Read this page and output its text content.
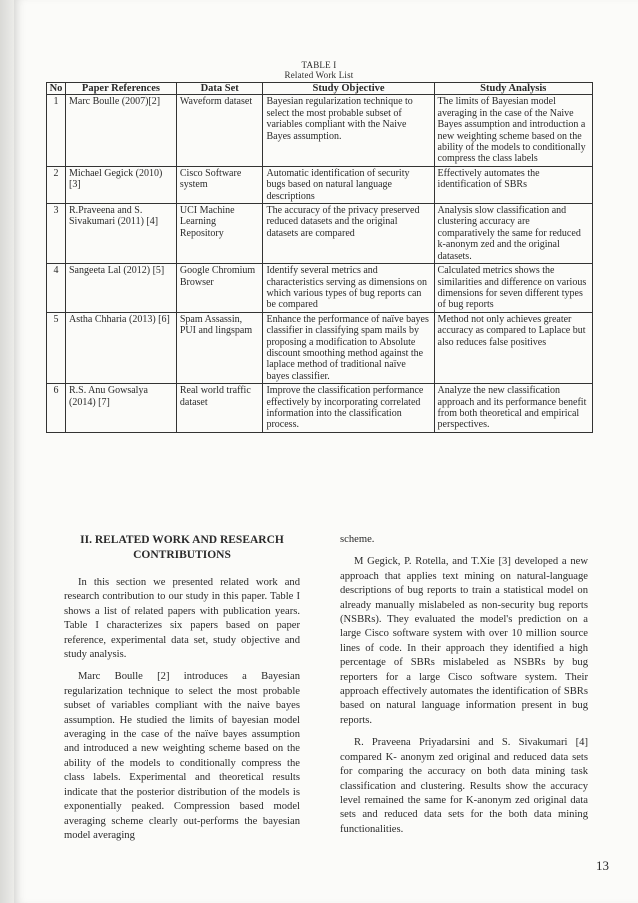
TABLE I
Related Work List
No	Paper References	Data Set	Study Objective	Study Analysis
1	Marc Boulle (2007)[2]	Waveform dataset	Bayesian regularization technique to select the most probable subset of variables compliant with the Naive Bayes assumption.	The limits of Bayesian model averaging in the case of the Naive Bayes assumption and introduction a new weighting scheme based on the ability of the models to conditionally compress the class labels
2	Michael Gegick (2010) [3]	Cisco Software system	Automatic identification of security bugs based on natural language descriptions	Effectively automates the identification of SBRs
3	R.Praveena and S. Sivakumari (2011) [4]	UCI Machine Learning Repository	The accuracy of the privacy preserved reduced datasets and the original datasets are compared	Analysis slow classification and clustering accuracy are comparatively the same for reduced k-anonym zed and the original datasets.
4	Sangeeta Lal (2012) [5]	Google Chromium Browser	Identify several metrics and characteristics serving as dimensions on which various types of bug reports can be compared	Calculated metrics shows the similarities and difference on various dimensions for seven different types of bug reports
5	Astha Chharia (2013) [6]	Spam Assassin, PUI and lingspam	Enhance the performance of naïve bayes classifier in classifying spam mails by proposing a modification to Absolute discount smoothing method against the laplace method of traditional naïve bayes classifier.	Method not only achieves greater accuracy as compared to Laplace but also reduces false positives
6	R.S. Anu Gowsalya (2014) [7]	Real world traffic dataset	Improve the classification performance effectively by incorporating correlated information into the classification process.	Analyze the new classification approach and its performance benefit from both theoretical and empirical perspectives.
II. RELATED WORK AND RESEARCH CONTRIBUTIONS

In this section we presented related work and research contribution to our study in this paper. Table I shows a list of related papers with publication years. Table I characterizes six papers based on paper reference, experimental data set, study objective and study analysis.

Marc Boulle [2] introduces a Bayesian regularization technique to select the most probable subset of variables compliant with the naive bayes assumption. He studied the limits of bayesian model averaging in the case of the naïve bayes assumption and introduced a new weighting scheme based on the ability of the models to conditionally compress the class labels. Experimental and theoretical results indicate that the posterior distribution of the models is exponentially peaked. Compression based model averaging scheme clearly out-performs the bayesian model averaging

scheme.

M Gegick, P. Rotella, and T.Xie [3] developed a new approach that applies text mining on natural-language descriptions of bug reports to train a statistical model on already manually mislabeled as non-security bug reports (NSBRs). They evaluated the model's prediction on a large Cisco software system with over 10 million source lines of code. In their approach they identified a high percentage of SBRs mislabeled as NSBRs by bug reporters for a large Cisco software system. Their approach effectively automates the identification of SBRs based on natural language information present in bug reports.

R. Praveena Priyadarsini and S. Sivakumari [4] compared K- anonym zed original and reduced data sets for comparing the accuracy on both data mining task classification and clustering. Results show the accuracy level remained the same for K-anonym zed original data sets and reduced data sets for the both data mining functionalities.

13
